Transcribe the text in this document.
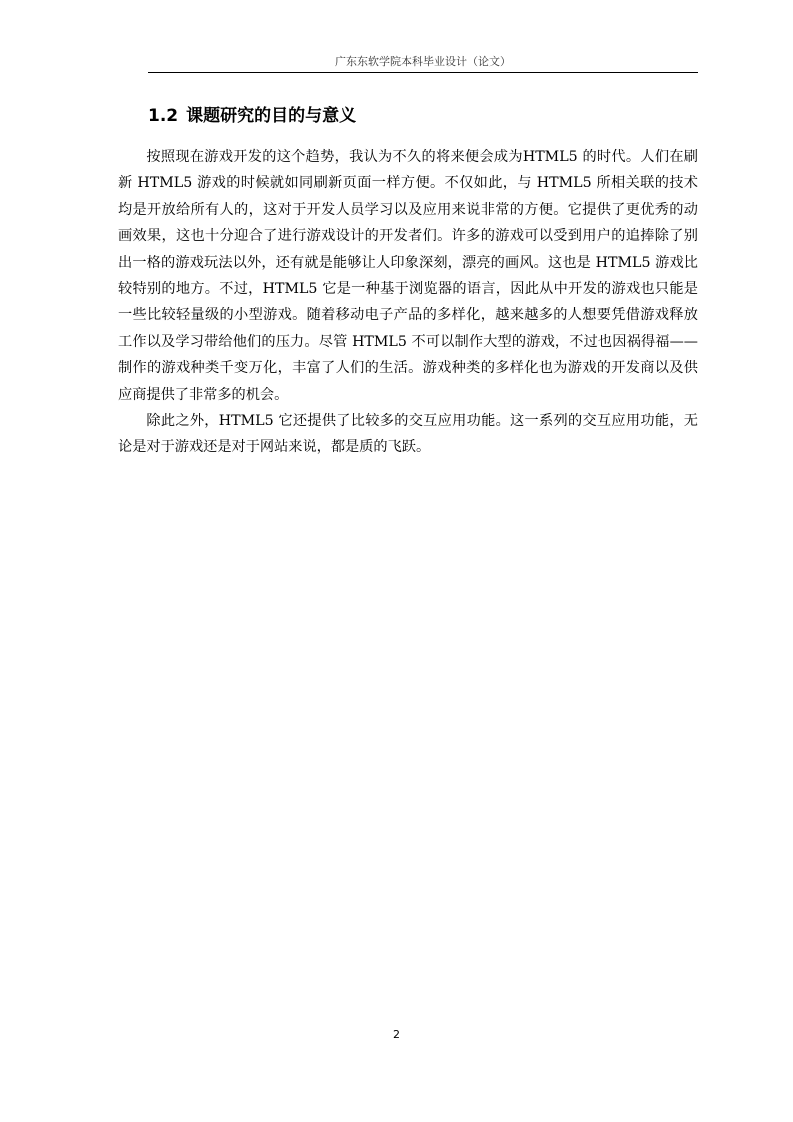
广东东软学院本科毕业设计（论文）
1.2 课题研究的目的与意义

按照现在游戏开发的这个趋势，我认为不久的将来便会成为HTML5 的时代。人们在刷新 HTML5 游戏的时候就如同刷新页面一样方便。不仅如此，与 HTML5 所相关联的技术均是开放给所有人的，这对于开发人员学习以及应用来说非常的方便。它提供了更优秀的动画效果，这也十分迎合了进行游戏设计的开发者们。许多的游戏可以受到用户的追捧除了别出一格的游戏玩法以外，还有就是能够让人印象深刻，漂亮的画风。这也是 HTML5 游戏比较特别的地方。不过，HTML5 它是一种基于浏览器的语言，因此从中开发的游戏也只能是一些比较轻量级的小型游戏。随着移动电子产品的多样化，越来越多的人想要凭借游戏释放工作以及学习带给他们的压力。尽管 HTML5 不可以制作大型的游戏，不过也因祸得福——制作的游戏种类千变万化，丰富了人们的生活。游戏种类的多样化也为游戏的开发商以及供应商提供了非常多的机会。

除此之外，HTML5 它还提供了比较多的交互应用功能。这一系列的交互应用功能，无论是对于游戏还是对于网站来说，都是质的飞跃。

2
